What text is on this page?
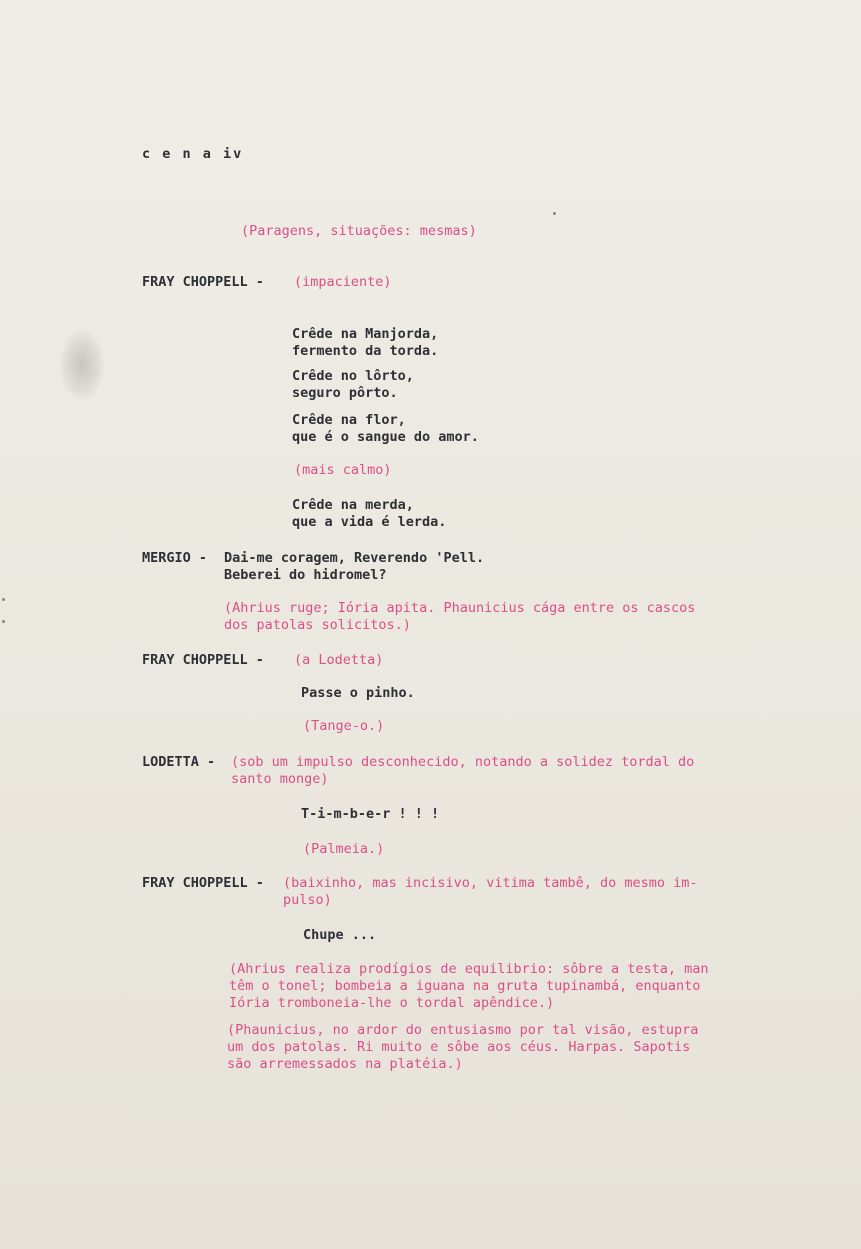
c e n a iv
(Paragens, situações: mesmas)
FRAY CHOPPELL - (impaciente)
Crêde na Manjorda,
fermento da torda.
Crêde no lôrto,
seguro pôrto.
Crêde na flor,
que é o sangue do amor.
(mais calmo)
Crêde na merda,
que a vida é lerda.
MERGIO - Dai-me coragem, Reverendo 'Pell.
Beberei do hidromel?
(Ahrius ruge; Iória apita. Phaunicius cága entre os cascos
dos patolas solicitos.)
FRAY CHOPPELL - (a Lodetta)
Passe o pinho.
(Tange-o.)
LODETTA - (sob um impulso desconhecido, notando a solidez tordal do
santo monge)
T-i-m-b-e-r ! ! !
(Palmeia.)
FRAY CHOPPELL - (baixinho, mas incisivo, vitima tambê, do mesmo im-
pulso)
Chupe ...
(Ahrius realiza prodígios de equilibrio: sôbre a testa, man
têm o tonel; bombeia a iguana na gruta tupinambá, enquanto
Iória tromboneia-lhe o tordal apêndice.)
(Phaunicius, no ardor do entusiasmo por tal visão, estupra
um dos patolas. Ri muito e sôbe aos céus. Harpas. Sapotis
são arremessados na platéia.)
